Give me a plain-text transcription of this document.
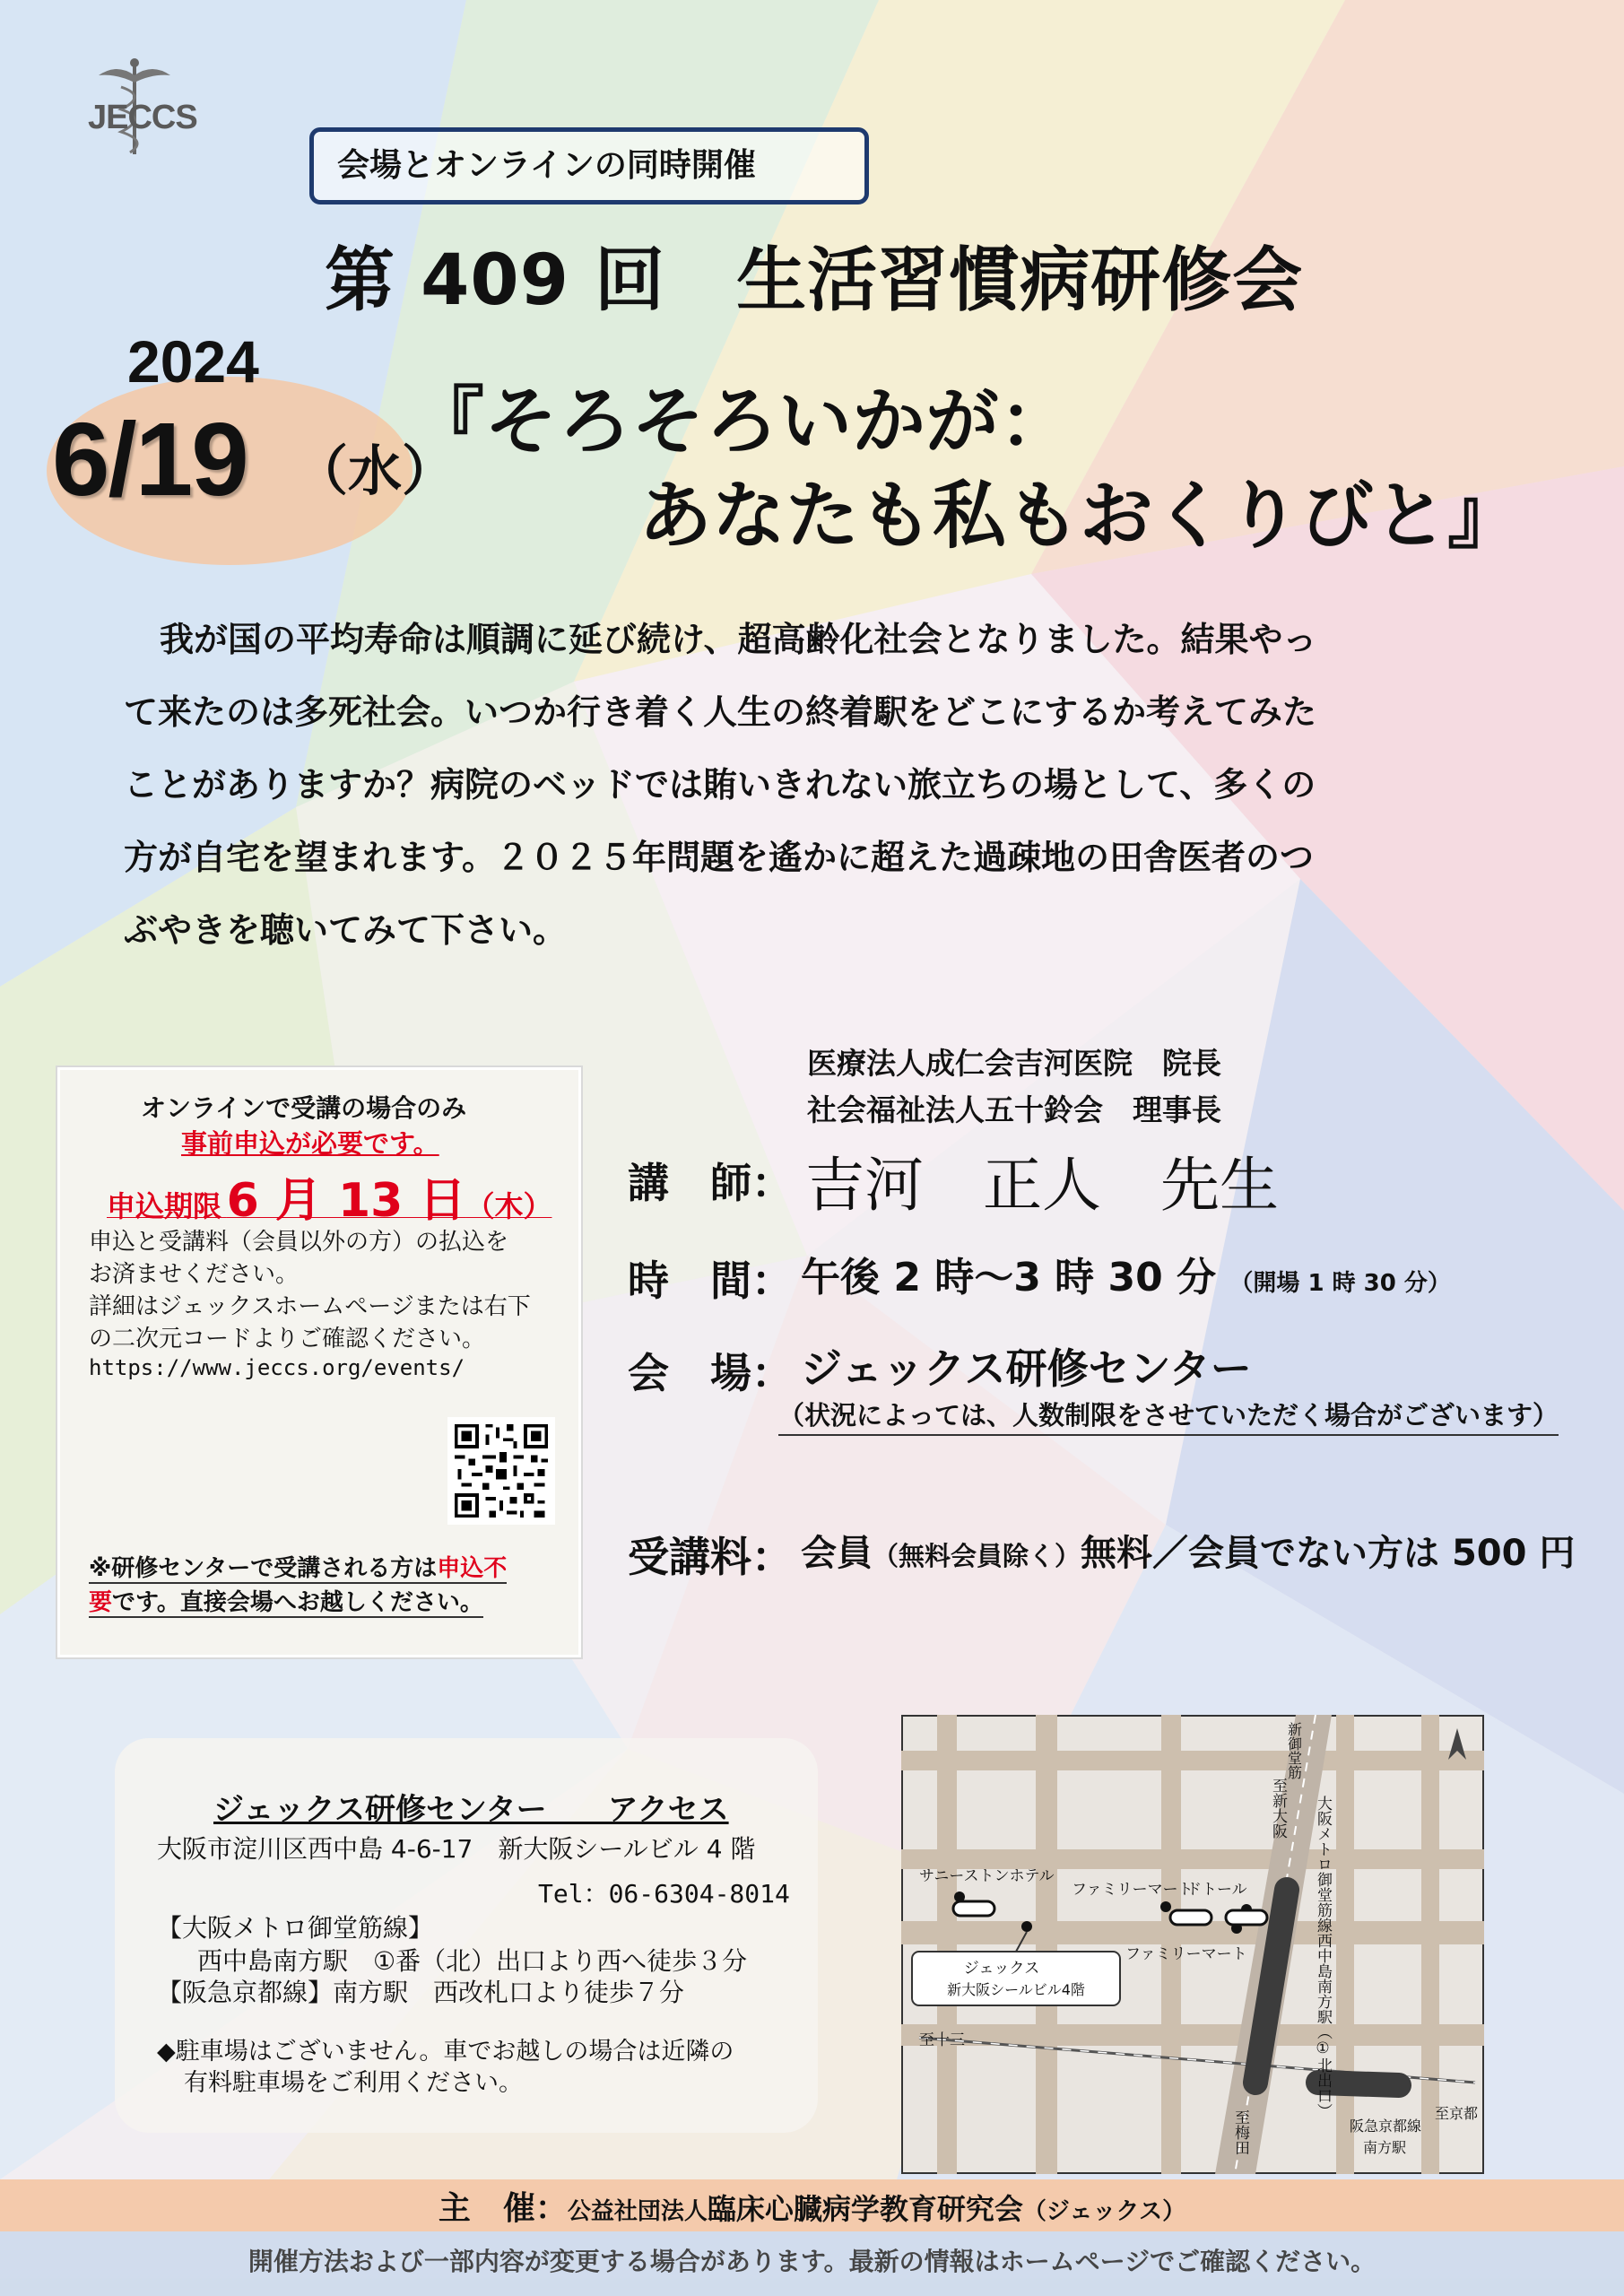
JECCS
会場とオンラインの同時開催
第 409 回　生活習慣病研修会
2024
6/19 （水）
『そろそろいかが：
あなたも私もおくりびと』
我が国の平均寿命は順調に延び続け、超高齢化社会となりました。結果やっ
て来たのは多死社会。いつか行き着く人生の終着駅をどこにするか考えてみた
ことがありますか？病院のベッドでは賄いきれない旅立ちの場として、多くの
方が自宅を望まれます。２０２５年問題を遙かに超えた過疎地の田舎医者のつ
ぶやきを聴いてみて下さい。
オンラインで受講の場合のみ
事前申込が必要です。
申込期限 6 月 13 日（木）
申込と受講料（会員以外の方）の払込を
お済ませください。
詳細はジェックスホームページまたは右下
の二次元コードよりご確認ください。
https://www.jeccs.org/events/
※研修センターで受講される方は申込不
要です。直接会場へお越しください。
医療法人成仁会吉河医院　院長
社会福祉法人五十鈴会　理事長
講　師： 吉河　正人　先生
時　間： 午後 2 時～3 時 30 分 （開場 1 時 30 分）
会　場： ジェックス研修センター
（状況によっては、人数制限をさせていただく場合がございます）
受講料： 会員（無料会員除く）無料／会員でない方は 500 円
ジェックス研修センター　　アクセス
大阪市淀川区西中島 4-6-17　新大阪シールビル 4 階
Tel：06-6304-8014
【大阪メトロ御堂筋線】
西中島南方駅　①番（北）出口より西へ徒歩３分
【阪急京都線】南方駅　西改札口より徒歩７分
◆駐車場はございません。車でお越しの場合は近隣の
有料駐車場をご利用ください。
ジェックス
新大阪シールビル4階
サニーストンホテル
ファミリーマート
ドトール
ファミリーマート
至十三
阪急京都線
南方駅
至京都
新御堂筋
至新大阪
至梅田
大阪メトロ御堂筋線西中島南方駅（①北出口）
主　催：公益社団法人臨床心臓病学教育研究会（ジェックス）
開催方法および一部内容が変更する場合があります。最新の情報はホームページでご確認ください。
